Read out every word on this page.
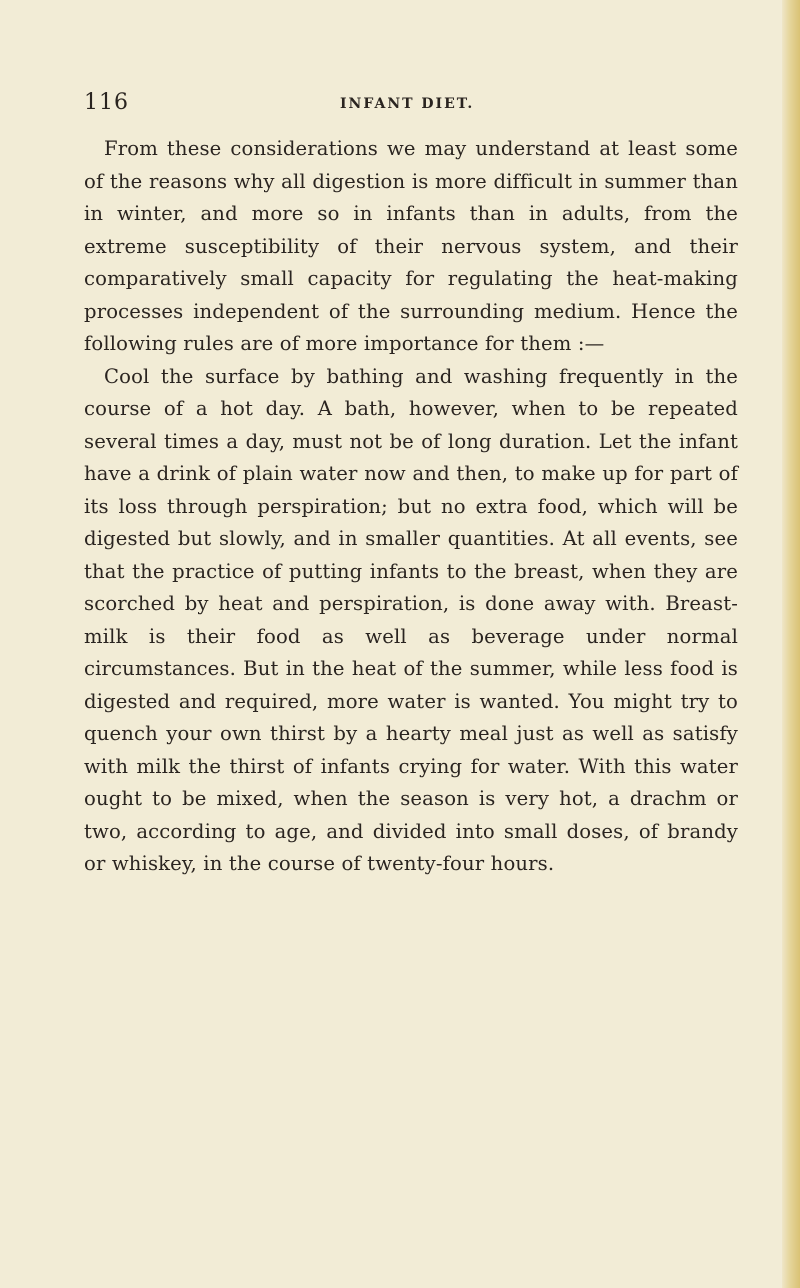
116	INFANT DIET.

From these considerations we may understand at least some of the reasons why all digestion is more difficult in summer than in winter, and more so in infants than in adults, from the extreme susceptibility of their nervous system, and their comparatively small capacity for regulating the heat-making processes independent of the surrounding medium. Hence the following rules are of more importance for them :—

Cool the surface by bathing and washing frequently in the course of a hot day. A bath, however, when to be repeated several times a day, must not be of long duration. Let the infant have a drink of plain water now and then, to make up for part of its loss through perspiration; but no extra food, which will be digested but slowly, and in smaller quantities. At all events, see that the practice of putting infants to the breast, when they are scorched by heat and perspiration, is done away with. Breast-milk is their food as well as beverage under normal circumstances. But in the heat of the summer, while less food is digested and required, more water is wanted. You might try to quench your own thirst by a hearty meal just as well as satisfy with milk the thirst of infants crying for water. With this water ought to be mixed, when the season is very hot, a drachm or two, according to age, and divided into small doses, of brandy or whiskey, in the course of twenty-four hours.
